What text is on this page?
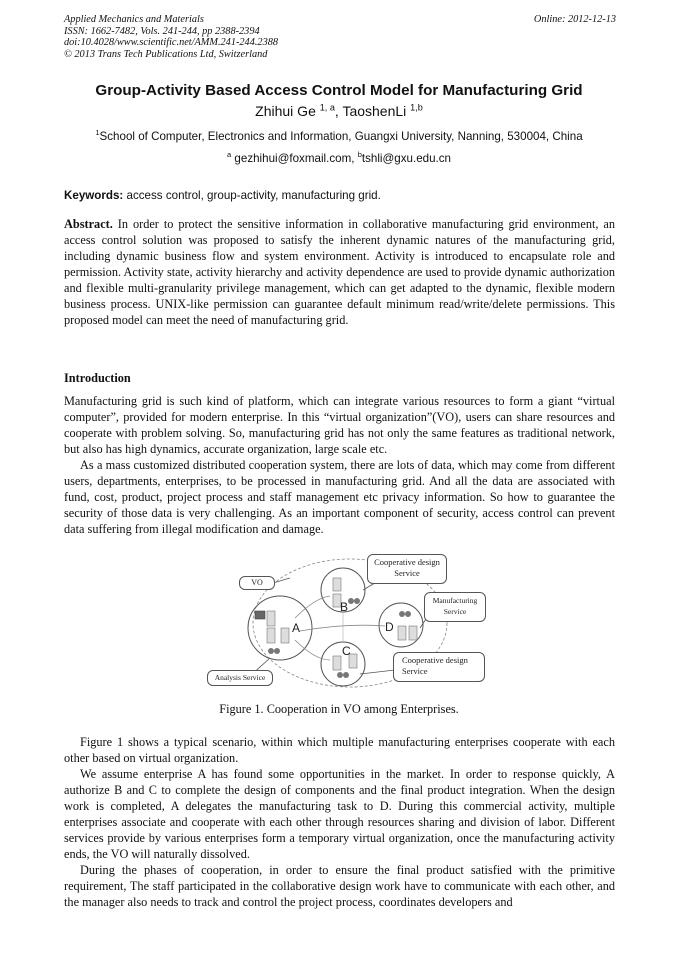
Applied Mechanics and Materials
ISSN: 1662-7482, Vols. 241-244, pp 2388-2394
doi:10.4028/www.scientific.net/AMM.241-244.2388
© 2013 Trans Tech Publications Ltd, Switzerland
Online: 2012-12-13
Group-Activity Based Access Control Model for Manufacturing Grid
Zhihui Ge $^{1, a}$, TaoshenLi $^{1,b}$
$^1$School of Computer, Electronics and Information, Guangxi University, Nanning, 530004, China
$^a$ gezhihui@foxmail.com, $^b$tshli@gxu.edu.cn
Keywords: access control, group-activity, manufacturing grid.

Abstract. In order to protect the sensitive information in collaborative manufacturing grid environment, an access control solution was proposed to satisfy the inherent dynamic natures of the manufacturing grid, including dynamic business flow and system environment. Activity is introduced to encapsulate role and permission. Activity state, activity hierarchy and activity dependence are used to provide dynamic authorization and flexible multi-granularity privilege management, which can get adapted to the dynamic, flexible modern business process. UNIX-like permission can guarantee default minimum read/write/delete permissions. This proposed model can meet the need of manufacturing grid.

Introduction

Manufacturing grid is such kind of platform, which can integrate various resources to form a giant “virtual computer”, provided for modern enterprise. In this “virtual organization”(VO), users can share resources and cooperate with problem solving. So, manufacturing grid has not only the same features as traditional network, but also has high dynamics, accurate organization, large scale etc.

As a mass customized distributed cooperation system, there are lots of data, which may come from different users, departments, enterprises, to be processed in manufacturing grid. And all the data are associated with fund, cost, product, project process and staff management etc privacy information. So how to guarantee the security of those data is very challenging. As an important component of security, access control can prevent data suffering from illegal modification and damage.

VO
Cooperative design
Service
Manufacturing
Service
Cooperative design
Service
Analysis Service
A
B
C
D
Figure 1. Cooperation in VO among Enterprises.

Figure 1 shows a typical scenario, within which multiple manufacturing enterprises cooperate with each other based on virtual organization.

We assume enterprise A has found some opportunities in the market. In order to response quickly, A authorize B and C to complete the design of components and the final product integration. When the design work is completed, A delegates the manufacturing task to D. During this commercial activity, multiple enterprises associate and cooperate with each other through resources sharing and division of labor. Different services provide by various enterprises form a temporary virtual organization, once the manufacturing activity ends, the VO will naturally dissolved.

During the phases of cooperation, in order to ensure the final product satisfied with the primitive requirement, The staff participated in the collaborative design work have to communicate with each other, and the manager also needs to track and control the project process, coordinates developers and
